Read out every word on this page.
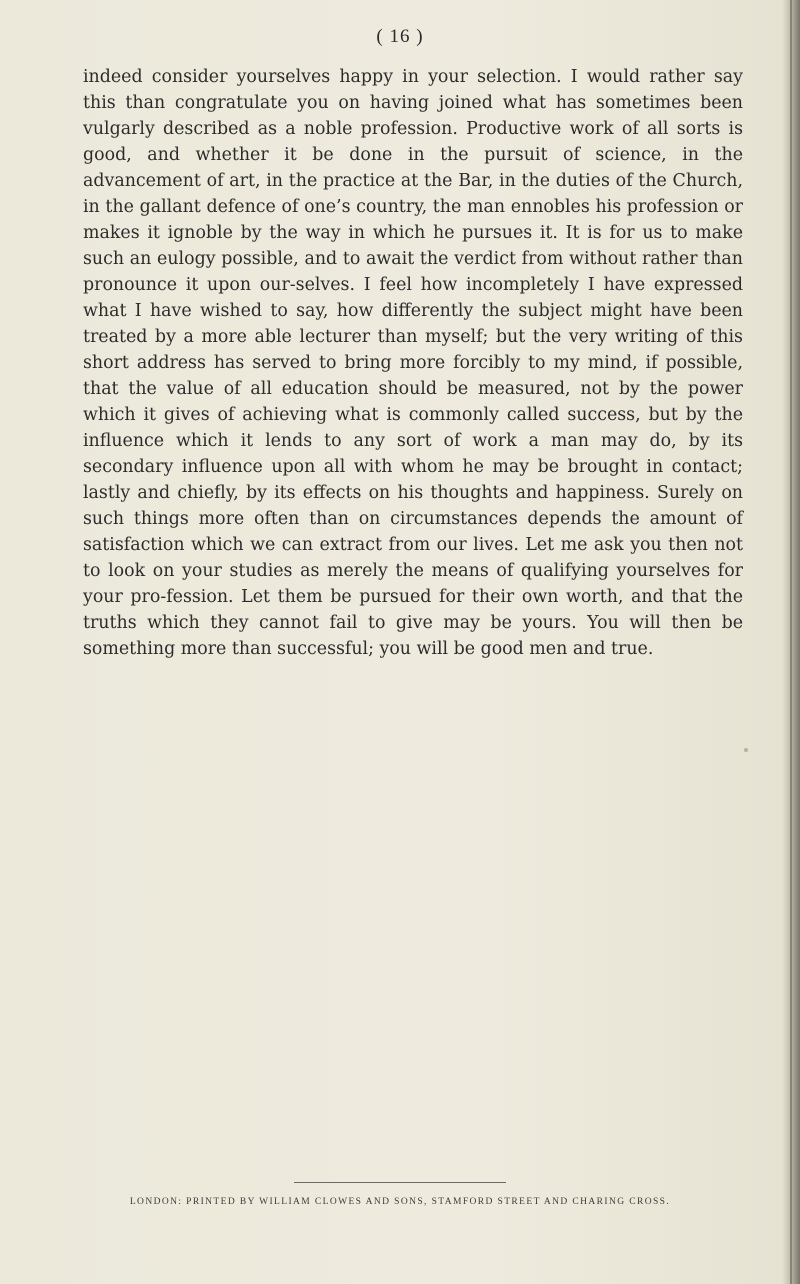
( 16 )

indeed consider yourselves happy in your selection. I would rather say this than congratulate you on having joined what has sometimes been vulgarly described as a noble profession. Productive work of all sorts is good, and whether it be done in the pursuit of science, in the advancement of art, in the practice at the Bar, in the duties of the Church, in the gallant defence of one’s country, the man ennobles his profession or makes it ignoble by the way in which he pursues it. It is for us to make such an eulogy possible, and to await the verdict from without rather than pronounce it upon our-selves. I feel how incompletely I have expressed what I have wished to say, how differently the subject might have been treated by a more able lecturer than myself; but the very writing of this short address has served to bring more forcibly to my mind, if possible, that the value of all education should be measured, not by the power which it gives of achieving what is commonly called success, but by the influence which it lends to any sort of work a man may do, by its secondary influence upon all with whom he may be brought in contact; lastly and chiefly, by its effects on his thoughts and happiness. Surely on such things more often than on circumstances depends the amount of satisfaction which we can extract from our lives. Let me ask you then not to look on your studies as merely the means of qualifying yourselves for your pro-fession. Let them be pursued for their own worth, and that the truths which they cannot fail to give may be yours. You will then be something more than successful; you will be good men and true.

LONDON: PRINTED BY WILLIAM CLOWES AND SONS, STAMFORD STREET AND CHARING CROSS.
